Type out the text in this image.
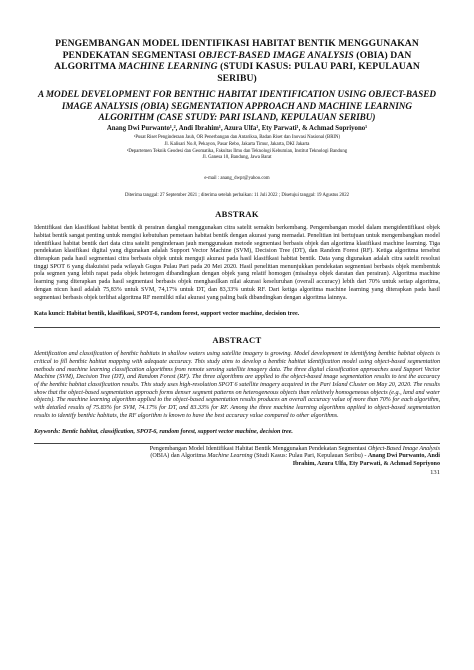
PENGEMBANGAN MODEL IDENTIFIKASI HABITAT BENTIK MENGGUNAKAN
PENDEKATAN SEGMENTASI OBJECT-BASED IMAGE ANALYSIS (OBIA) DAN
ALGORITMA MACHINE LEARNING (STUDI KASUS: PULAU PARI, KEPULAUAN
SERIBU)
A MODEL DEVELOPMENT FOR BENTHIC HABITAT IDENTIFICATION USING OBJECT-BASED IMAGE ANALYSIS (OBIA) SEGMENTATION APPROACH AND MACHINE LEARNING ALGORITHM (CASE STUDY: PARI ISLAND, KEPULAUAN SERIBU)
Anang Dwi Purwanto¹,², Andi Ibrahim¹, Azura Ulfa¹, Ety Parwati¹, & Achmad Sopriyono¹
¹Pusat Riset Penginderaan Jauh, OR Penerbangan dan Antariksa, Badan Riset dan Inovasi Nasional (BRIN)
Jl. Kalisari No.8, Pekayon, Pasar Rebo, Jakarta Timur, Jakarta, DKI Jakarta
²Departemen Teknik Geodesi dan Geomatika, Fakultas Ilmu dan Teknologi Kebumian, Institut Teknologi Bandung
Jl. Ganesa 10, Bandung, Jawa Barat
e-mail : anang_dwpr@yahoo.com
Diterima tanggal: 27 September 2021 ; diterima setelah perbaikan: 11 Juli 2022 ; Disetujui tanggal: 19 Agustus 2022
ABSTRAK
Identifikasi dan klasifikasi habitat bentik di perairan dangkal menggunakan citra satelit semakin berkembang. Pengembangan model dalam mengidentifikasi objek habitat bentik sangat penting untuk mengisi kebutuhan pemetaan habitat bentik dengan akurasi yang memadai. Penelitian ini bertujuan untuk mengembangkan model identifikasi habitat bentik dari data citra satelit penginderaan jauh menggunakan metode segmentasi berbasis objek dan algoritma klasifikasi machine learning. Tiga pendekatan klasifikasi digital yang digunakan adalah Support Vector Machine (SVM), Decision Tree (DT), dan Random Forest (RF). Ketiga algoritma tersebut diterapkan pada hasil segmentasi citra berbasis objek untuk menguji akurasi pada hasil klasifikasi habitat bentik. Data yang digunakan adalah citra satelit resolusi tinggi SPOT 6 yang diakuisisi pada wilayah Gugus Pulau Pari pada 20 Mei 2020. Hasil penelitian menunjukkan pendekatan segmentasi berbasis objek membentuk pola segmen yang lebih rapat pada objek heterogen dibandingkan dengan objek yang relatif homogen (misalnya objek daratan dan perairan). Algoritma machine learning yang diterapkan pada hasil segmentasi berbasis objek menghasilkan nilai akurasi keseluruhan (overall accuracy) lebih dari 70% untuk setiap algoritma, dengan nicun hasil adalah 75,83% untuk SVM, 74,17% untuk DT, dan 83,33% untuk RF. Dari ketiga algoritma machine learning yang diterapkan pada hasil segmentasi berbasis objek terlihat algoritma RF memiliki nilai akurasi yang paling baik dibandingkan dengan algoritma lainnya.
Kata kunci: Habitat bentik, klasifikasi, SPOT-6, random forest, support vector machine, decision tree.
ABSTRACT
Identification and classification of benthic habitats in shallow waters using satellite imagery is growing. Model development in identifying benthic habitat objects is critical to fill benthic habitat mapping with adequate accuracy. This study aims to develop a benthic habitat identification model using object-based segmentation methods and machine learning classification algorithms from remote sensing satellite imagery data. The three digital classification approaches used Support Vector Machine (SVM), Decision Tree (DT), and Random Forest (RF). The three algorithms are applied to the object-based image segmentation results to test the accuracy of the benthic habitat classification results. This study uses high-resolution SPOT 6 satellite imagery acquired in the Pari Island Cluster on May 20, 2020. The results show that the object-based segmentation approach forms denser segment patterns on heterogeneous objects than relatively homogeneous objects (e.g., land and water objects). The machine learning algorithm applied to the object-based segmentation results produces an overall accuracy value of more than 70% for each algorithm, with detailed results of 75.83% for SVM, 74.17% for DT, and 83.33% for RF. Among the three machine learning algorithms applied to object-based segmentation results to identify benthic habitats, the RF algorithm is known to have the best accuracy value compared to other algorithms.
Keywords: Bentic habitat, classification, SPOT-6, random forest, support vector machine, decision tree.
Pengembangan Model Identifikasi Habitat Bentik Menggunakan Pendekatan Segmentasi Object-Based Image Analysis
(OBIA) dan Algoritma Machine Learning (Studi Kasus: Pulau Pari, Kepulauan Seribu) - Anang Dwi Purwanto, Andi
Ibrahim, Azura Ulfa, Ety Parwati, & Achmad Sopriyono
131
